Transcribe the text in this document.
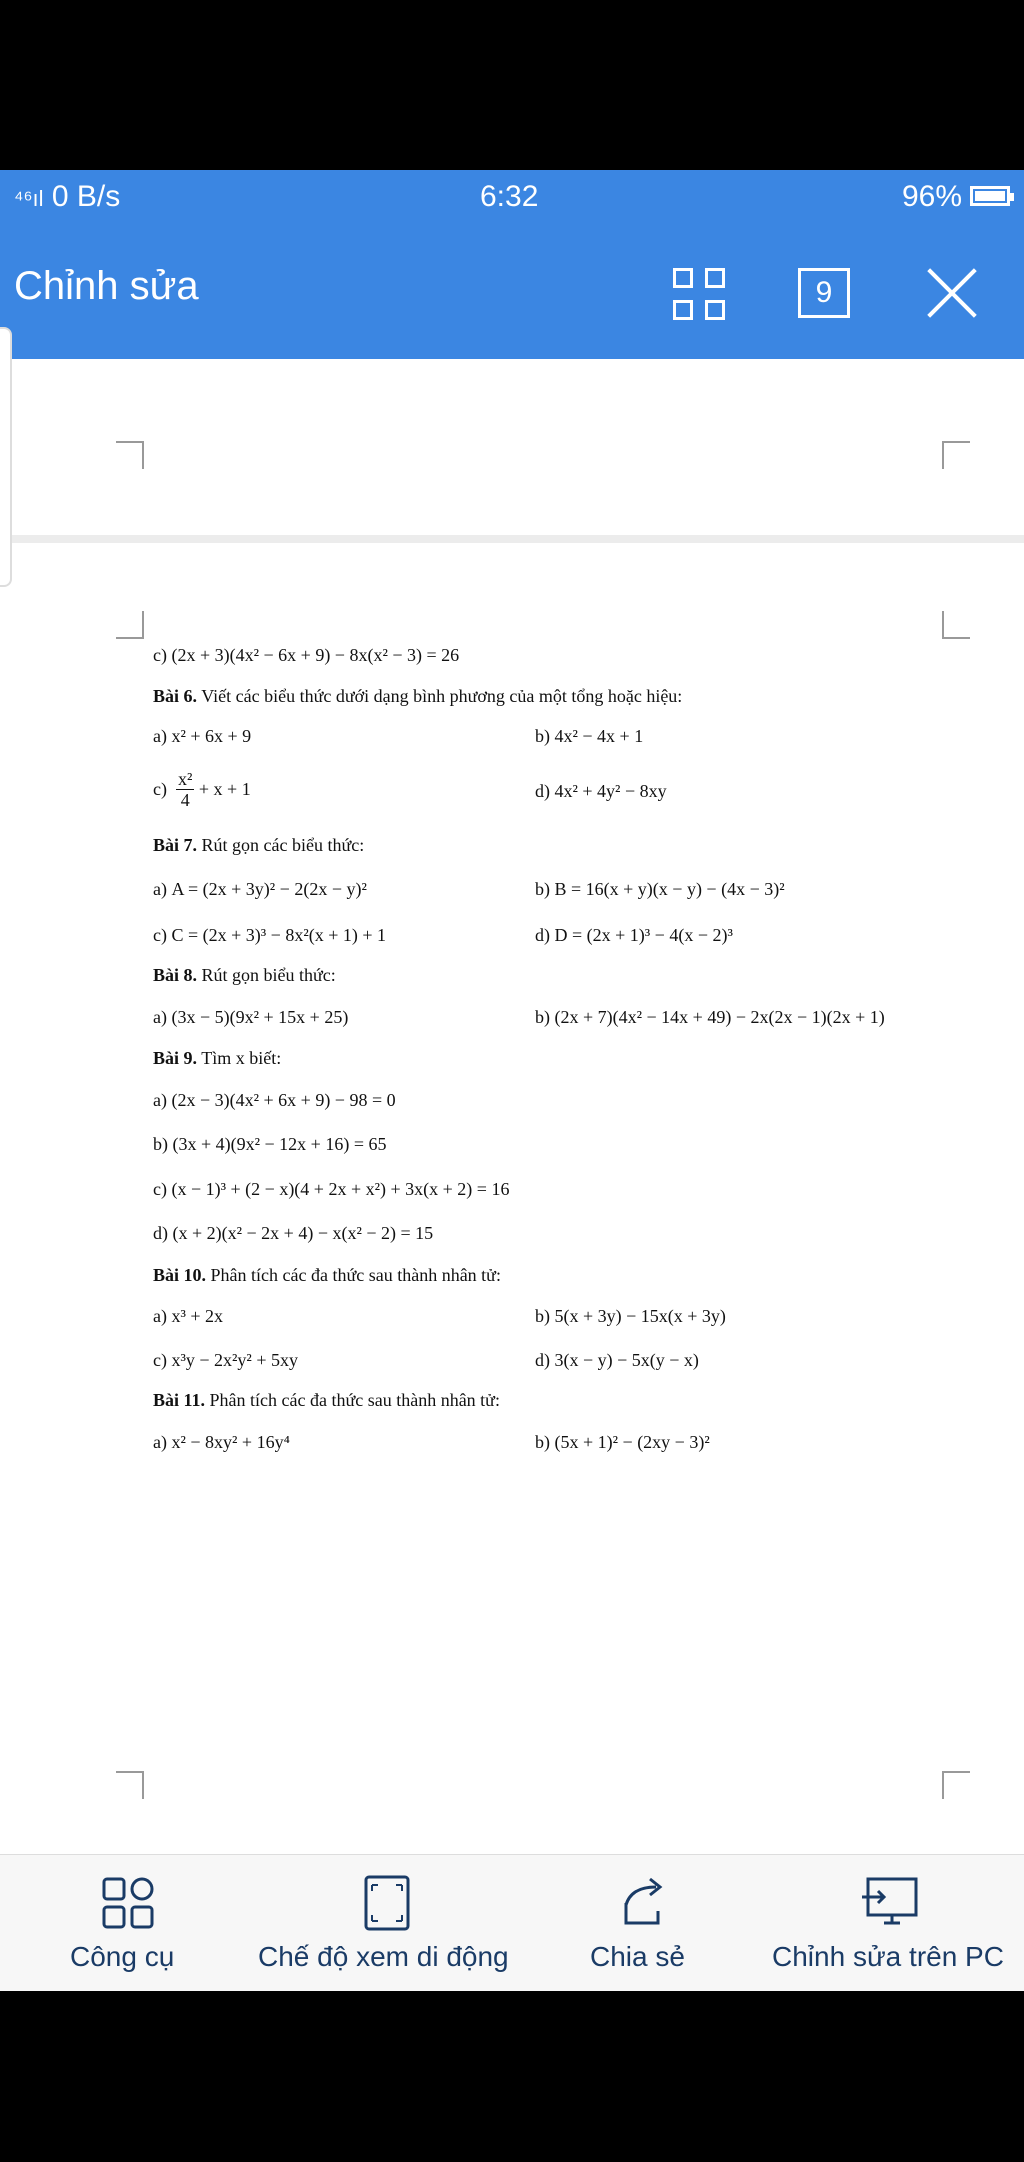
⁴⁶ıl 0 B/s	6:32	96%
Chỉnh sửa	9
c) (2x + 3)(4x² − 6x + 9) − 8x(x² − 3) = 26
Bài 6. Viết các biểu thức dưới dạng bình phương của một tổng hoặc hiệu:
a) x² + 6x + 9	b) 4x² − 4x + 1
$c) \frac{\text{x²}}{4} + x + 1$	d) 4x² + 4y² − 8xy
Bài 7. Rút gọn các biểu thức:
a) A = (2x + 3y)² − 2(2x − y)²	b) B = 16(x + y)(x − y) − (4x − 3)²
c) C = (2x + 3)³ − 8x²(x + 1) + 1	d) D = (2x + 1)³ − 4(x − 2)³
Bài 8. Rút gọn biểu thức:
a) (3x − 5)(9x² + 15x + 25)	b) (2x + 7)(4x² − 14x + 49) − 2x(2x − 1)(2x + 1)
Bài 9. Tìm x biết:
a) (2x − 3)(4x² + 6x + 9) − 98 = 0
b) (3x + 4)(9x² − 12x + 16) = 65
c) (x − 1)³ + (2 − x)(4 + 2x + x²) + 3x(x + 2) = 16
d) (x + 2)(x² − 2x + 4) − x(x² − 2) = 15
Bài 10. Phân tích các đa thức sau thành nhân tử:
a) x³ + 2x	b) 5(x + 3y) − 15x(x + 3y)
c) x³y − 2x²y² + 5xy	d) 3(x − y) − 5x(y − x)
Bài 11. Phân tích các đa thức sau thành nhân tử:
a) x² − 8xy² + 16y⁴	b) (5x + 1)² − (2xy − 3)²
Công cụ	Chế độ xem di động	Chia sẻ	Chỉnh sửa trên PC
